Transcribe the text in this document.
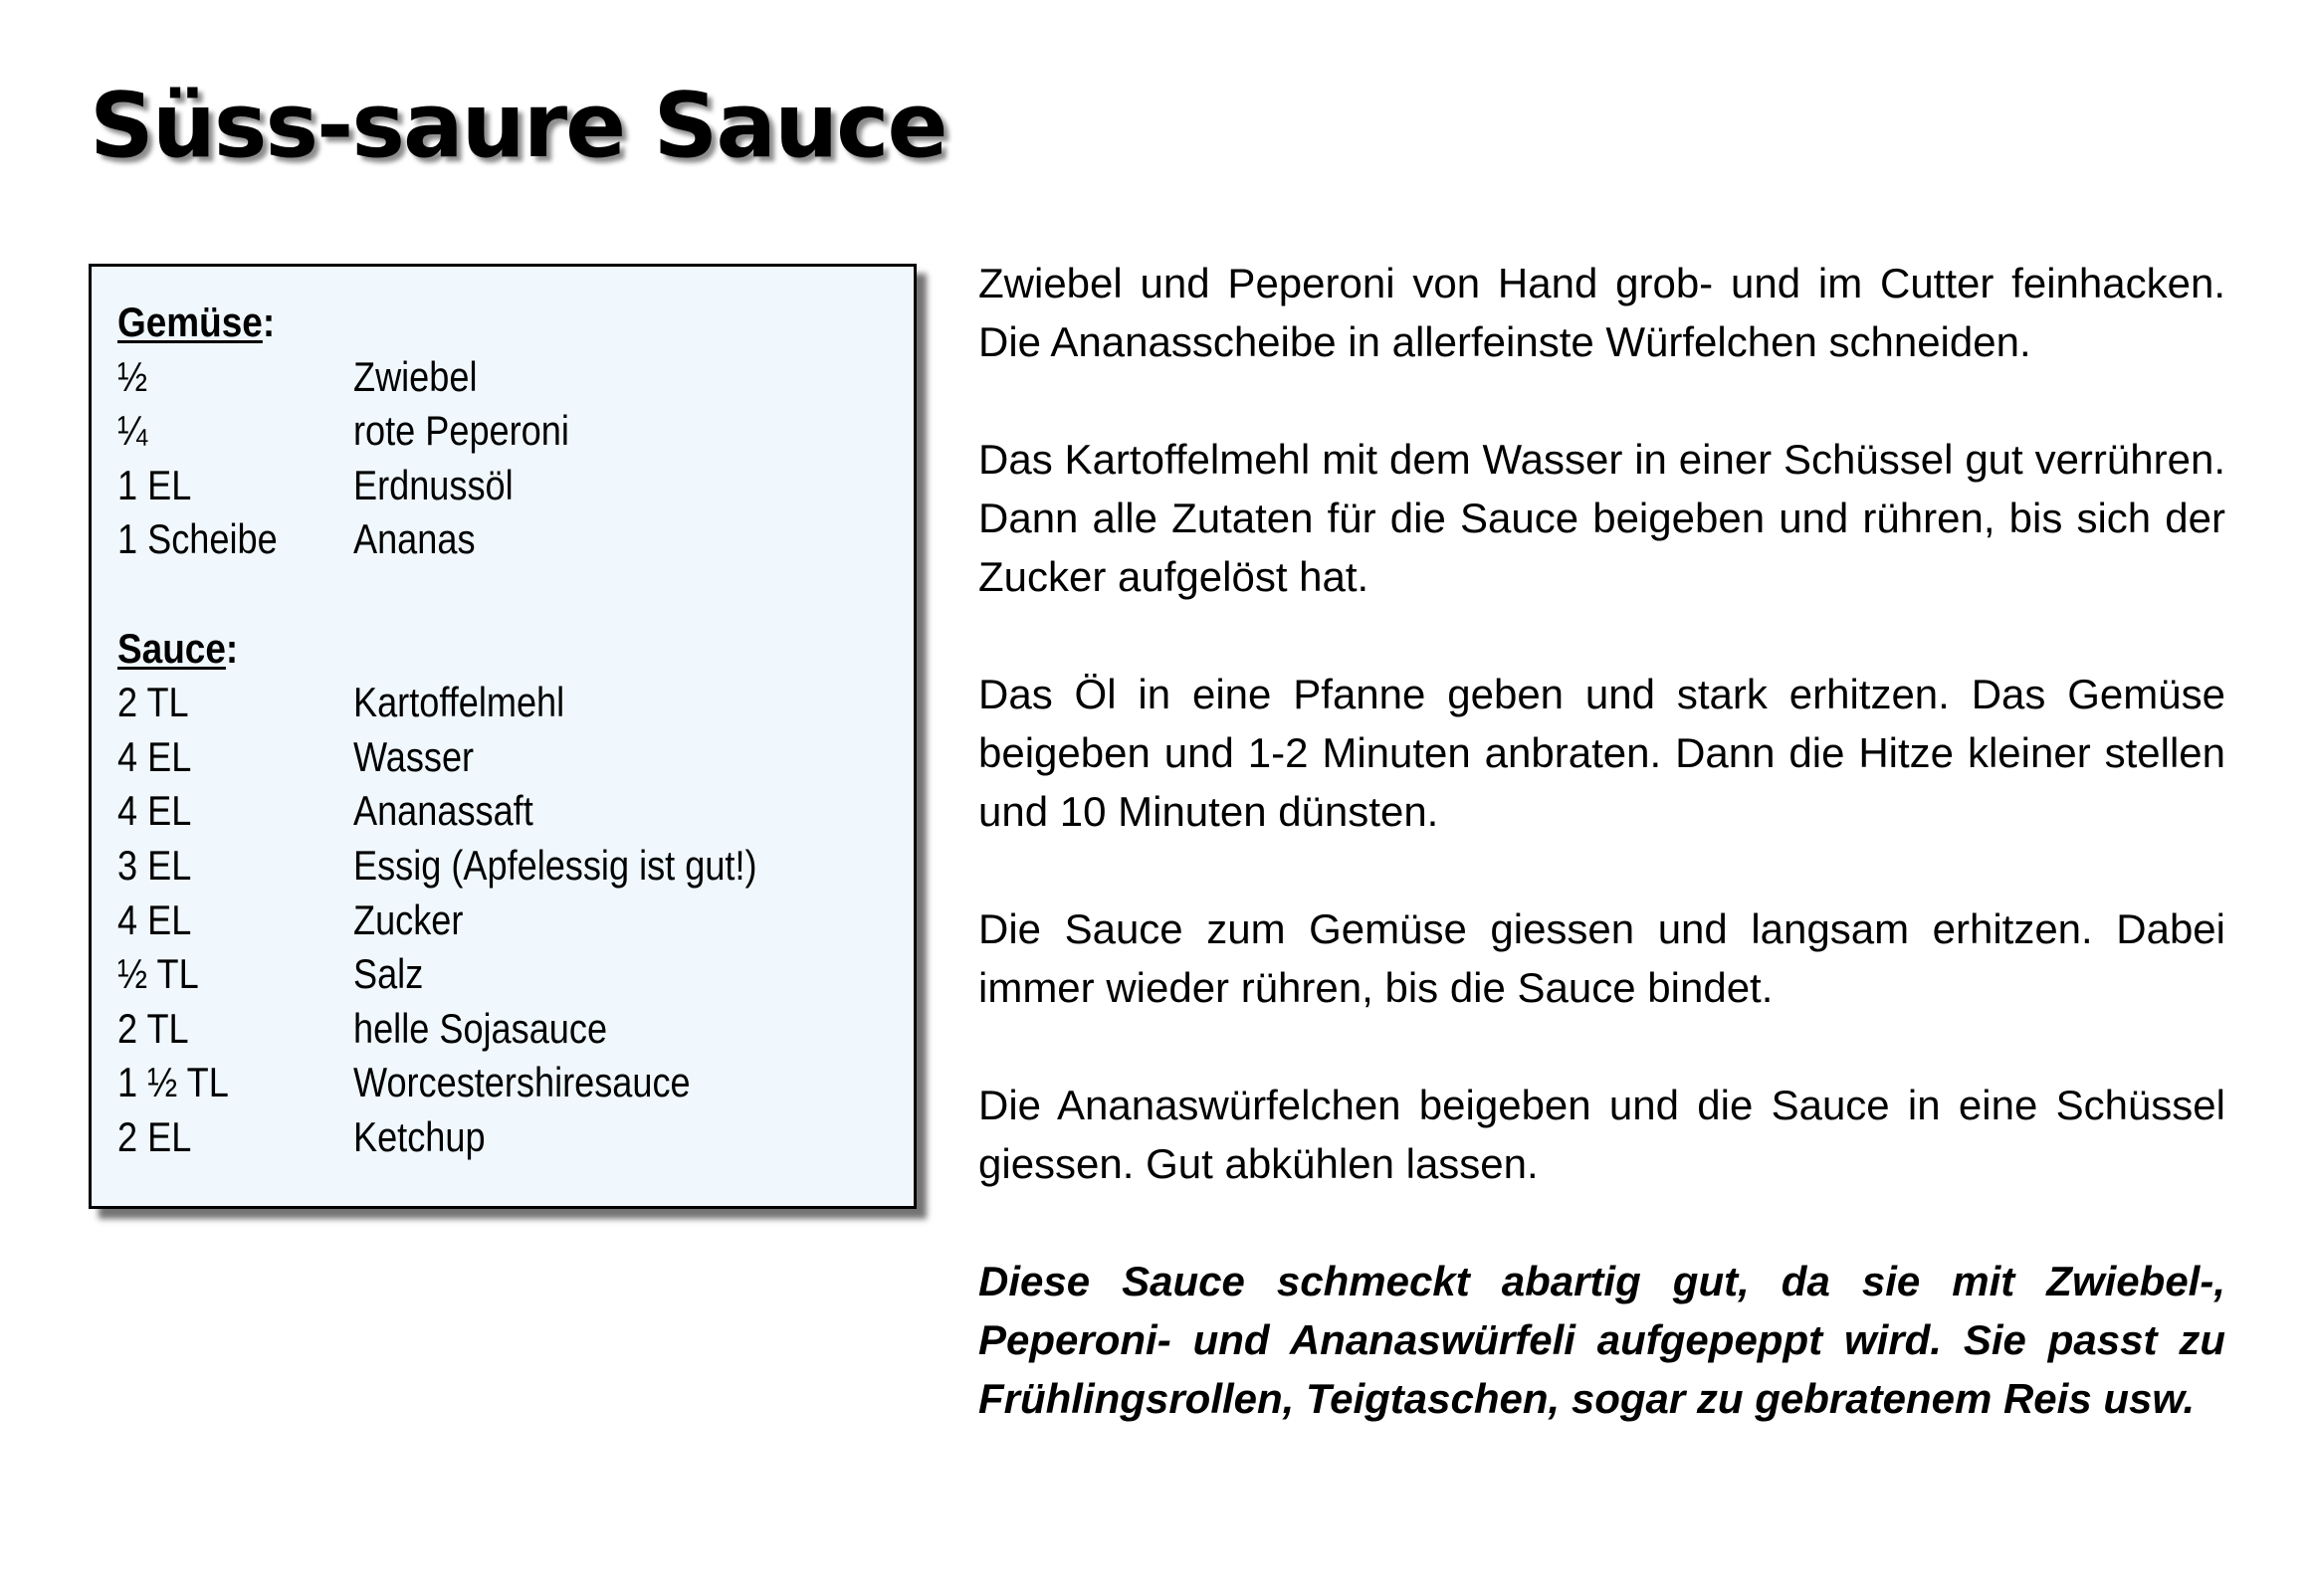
Süss-saure Sauce
Gemüse:
½	Zwiebel
¼	rote Peperoni
1 EL	Erdnussöl
1 Scheibe Ananas
Sauce:
2 TL	Kartoffelmehl
4 EL	Wasser
4 EL	Ananassaft
3 EL	Essig (Apfelessig ist gut!)
4 EL	Zucker
½ TL	Salz
2 TL	helle Sojasauce
1 ½ TL	Worcestershiresauce
2 EL	Ketchup

Zwiebel und Peperoni von Hand grob- und im Cutter feinhacken. Die Ananasscheibe in allerfeinste Würfelchen schneiden.

Das Kartoffelmehl mit dem Wasser in einer Schüssel gut verrühren. Dann alle Zutaten für die Sauce beigeben und rühren, bis sich der Zucker aufgelöst hat.

Das Öl in eine Pfanne geben und stark erhitzen. Das Gemüse beigeben und 1-2 Minuten anbraten. Dann die Hitze kleiner stellen und 10 Minuten dünsten.

Die Sauce zum Gemüse giessen und langsam erhitzen. Dabei immer wieder rühren, bis die Sauce bindet.

Die Ananaswürfelchen beigeben und die Sauce in eine Schüssel giessen. Gut abkühlen lassen.

Diese Sauce schmeckt abartig gut, da sie mit Zwiebel-, Peperoni- und Ananaswürfeli aufgepeppt wird. Sie passt zu Frühlingsrollen, Teigtaschen, sogar zu gebratenem Reis usw.
